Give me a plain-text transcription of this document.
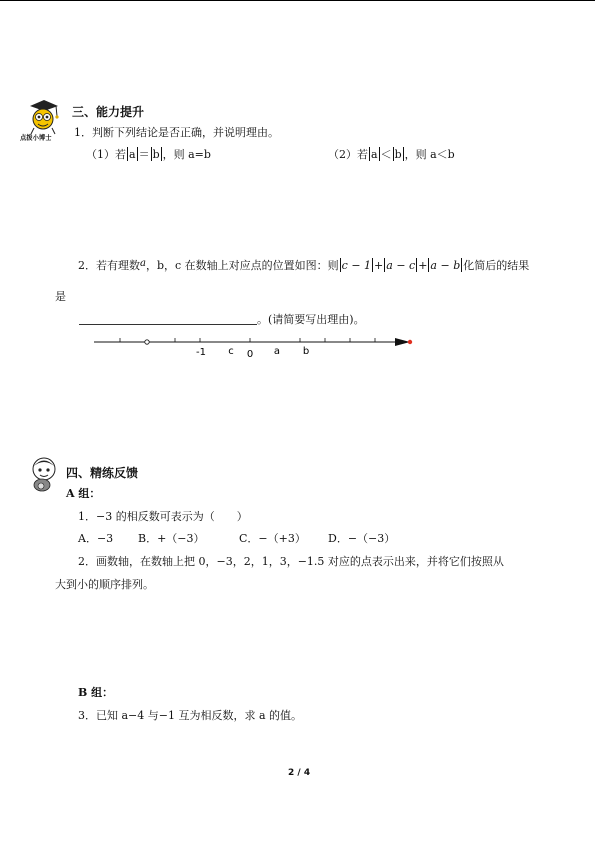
点拨小博士
三、能力提升
1．判断下列结论是否正确，并说明理由。
（1）若 a ＝ b ，则 a=b	（2）若 a ＜ b ，则 a＜b
2．若有理数a，b，c 在数轴上对应点的位置如图：则 c − 1 + a − c + a − b 化简后的结果
是
。(请简要写出理由)。
-1 c 0 a b
四、精练反馈
A 组：
1．−3 的相反数可表示为（　　）
A．−3 B．+（−3）	C．−（+3） D．−（−3）
2．画数轴，在数轴上把 0，−3，2，1，3，−1.5 对应的点表示出来，并将它们按照从
大到小的顺序排列。
B 组：
3．已知 a−4 与−1 互为相反数，求 a 的值。
2 / 4
